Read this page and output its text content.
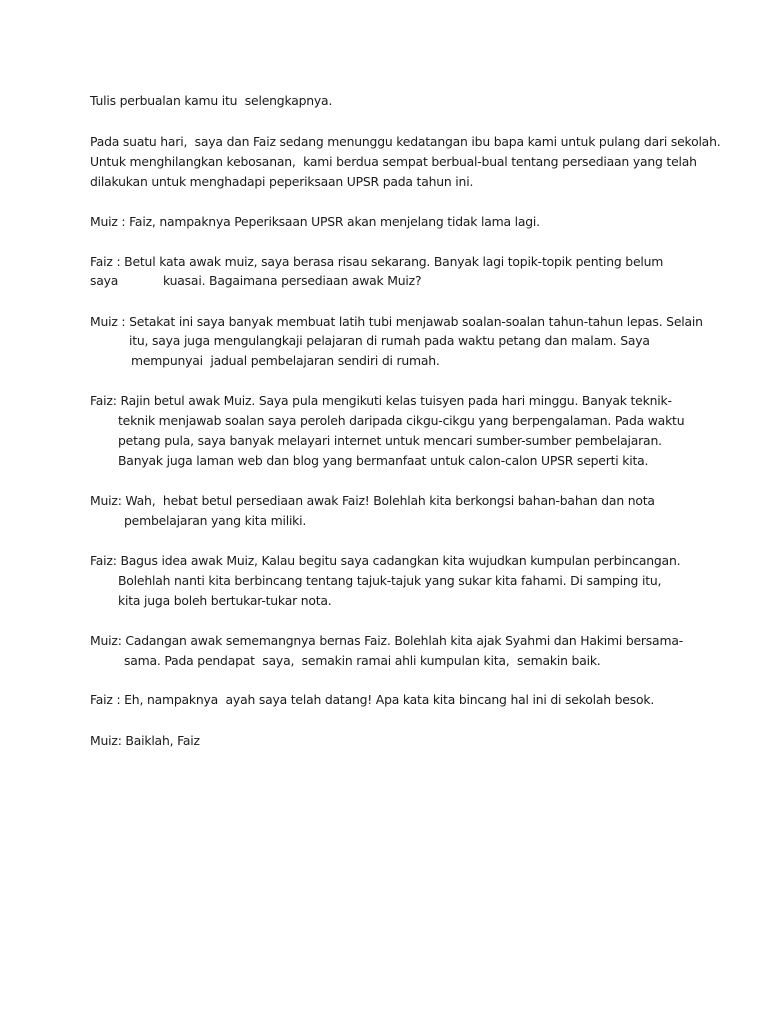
Tulis perbualan kamu itu  selengkapnya.
Pada suatu hari,  saya dan Faiz sedang menunggu kedatangan ibu bapa kami untuk pulang dari sekolah.
Untuk menghilangkan kebosanan,  kami berdua sempat berbual-bual tentang persediaan yang telah
dilakukan untuk menghadapi peperiksaan UPSR pada tahun ini.
Muiz : Faiz, nampaknya Peperiksaan UPSR akan menjelang tidak lama lagi.
Faiz : Betul kata awak muiz, saya berasa risau sekarang. Banyak lagi topik-topik penting belum
saya            kuasai. Bagaimana persediaan awak Muiz?
Muiz : Setakat ini saya banyak membuat latih tubi menjawab soalan-soalan tahun-tahun lepas. Selain
itu, saya juga mengulangkaji pelajaran di rumah pada waktu petang dan malam. Saya
mempunyai  jadual pembelajaran sendiri di rumah.
Faiz: Rajin betul awak Muiz. Saya pula mengikuti kelas tuisyen pada hari minggu. Banyak teknik-
teknik menjawab soalan saya peroleh daripada cikgu-cikgu yang berpengalaman. Pada waktu
petang pula, saya banyak melayari internet untuk mencari sumber-sumber pembelajaran.
Banyak juga laman web dan blog yang bermanfaat untuk calon-calon UPSR seperti kita.
Muiz: Wah,  hebat betul persediaan awak Faiz! Bolehlah kita berkongsi bahan-bahan dan nota
pembelajaran yang kita miliki.
Faiz: Bagus idea awak Muiz, Kalau begitu saya cadangkan kita wujudkan kumpulan perbincangan.
Bolehlah nanti kita berbincang tentang tajuk-tajuk yang sukar kita fahami. Di samping itu,
kita juga boleh bertukar-tukar nota.
Muiz: Cadangan awak sememangnya bernas Faiz. Bolehlah kita ajak Syahmi dan Hakimi bersama-
sama. Pada pendapat  saya,  semakin ramai ahli kumpulan kita,  semakin baik.
Faiz : Eh, nampaknya  ayah saya telah datang! Apa kata kita bincang hal ini di sekolah besok.
Muiz: Baiklah, Faiz
